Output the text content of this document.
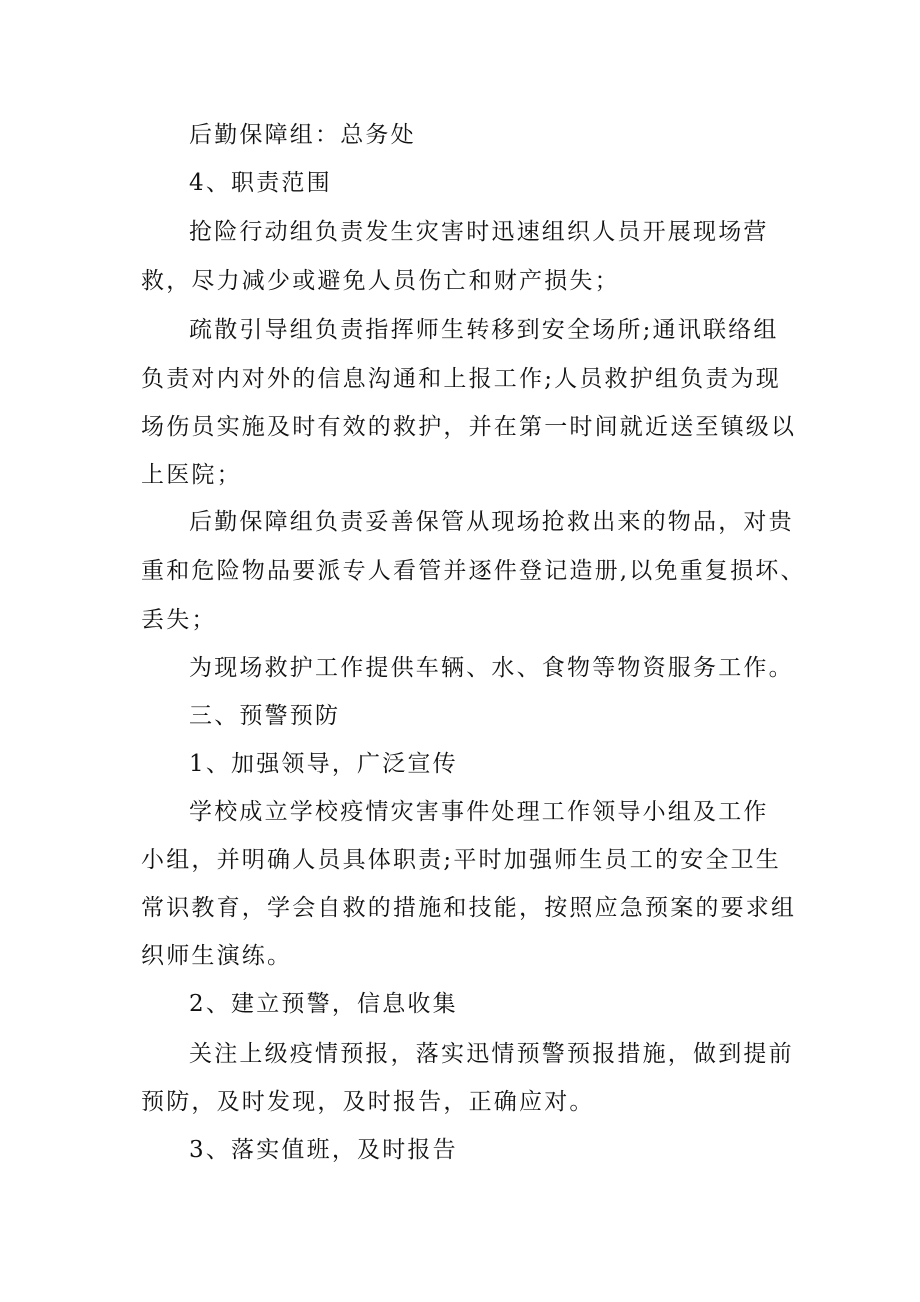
后勤保障组：总务处
4、职责范围
抢险行动组负责发生灾害时迅速组织人员开展现场营
救，尽力减少或避免人员伤亡和财产损失；
疏散引导组负责指挥师生转移到安全场所;通讯联络组
负责对内对外的信息沟通和上报工作;人员救护组负责为现
场伤员实施及时有效的救护，并在第一时间就近送至镇级以
上医院；
后勤保障组负责妥善保管从现场抢救出来的物品，对贵
重和危险物品要派专人看管并逐件登记造册,以免重复损坏、
丢失；
为现场救护工作提供车辆、水、食物等物资服务工作。
三、预警预防
1、加强领导，广泛宣传
学校成立学校疫情灾害事件处理工作领导小组及工作
小组，并明确人员具体职责;平时加强师生员工的安全卫生
常识教育，学会自救的措施和技能，按照应急预案的要求组
织师生演练。
2、建立预警，信息收集
关注上级疫情预报，落实迅情预警预报措施，做到提前
预防，及时发现，及时报告，正确应对。
3、落实值班，及时报告
